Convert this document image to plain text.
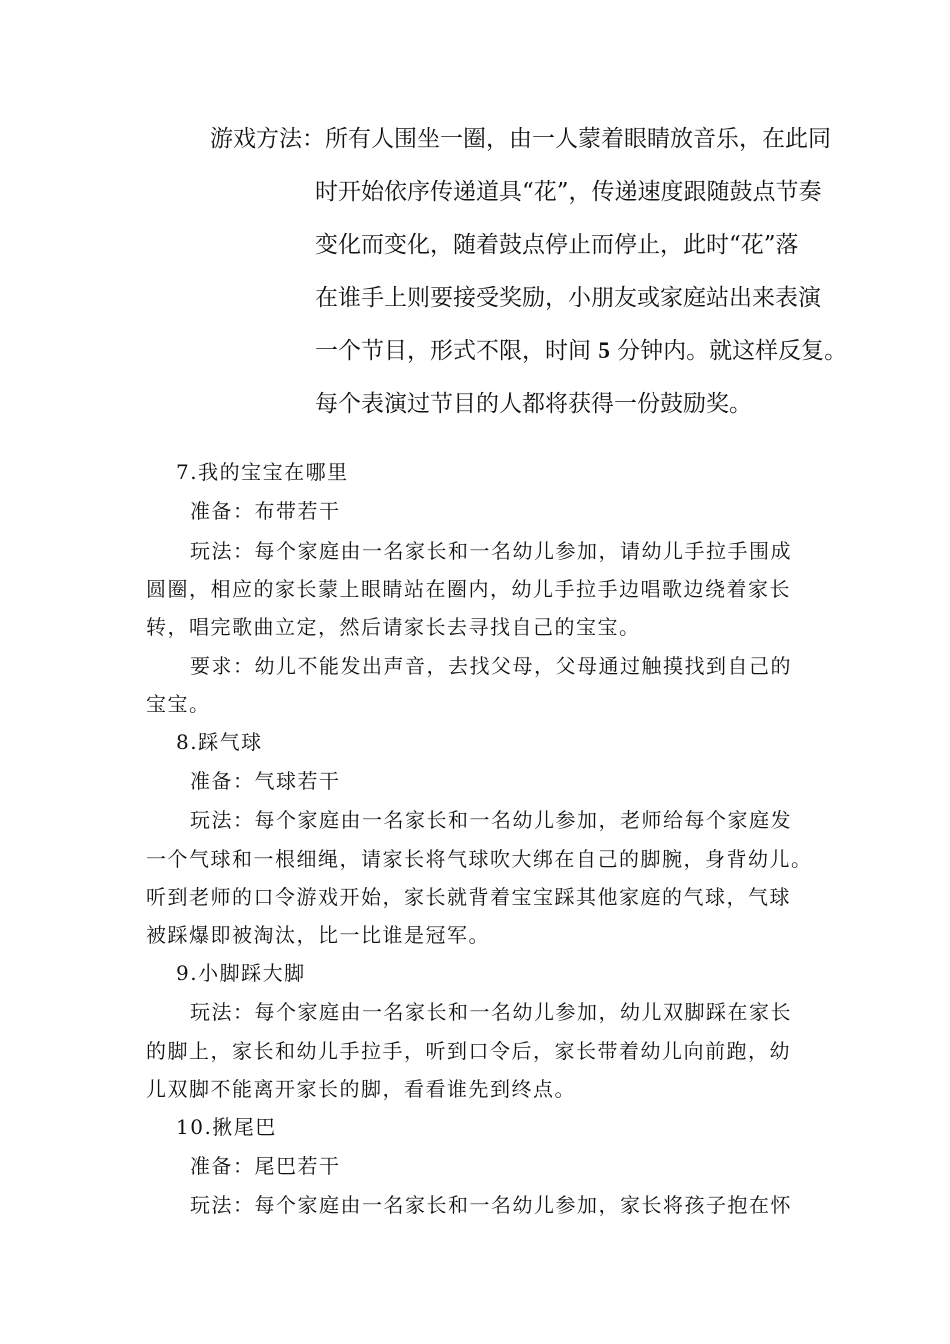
游戏方法：所有人围坐一圈，由一人蒙着眼睛放音乐，在此同
时开始依序传递道具“花”，传递速度跟随鼓点节奏
变化而变化，随着鼓点停止而停止，此时“花”落
在谁手上则要接受奖励，小朋友或家庭站出来表演
一个节目，形式不限，时间 5 分钟内。就这样反复。
每个表演过节目的人都将获得一份鼓励奖。
7.我的宝宝在哪里
准备：布带若干
玩法：每个家庭由一名家长和一名幼儿参加，请幼儿手拉手围成
圆圈，相应的家长蒙上眼睛站在圈内，幼儿手拉手边唱歌边绕着家长
转，唱完歌曲立定，然后请家长去寻找自己的宝宝。
要求：幼儿不能发出声音，去找父母，父母通过触摸找到自己的
宝宝。
8.踩气球
准备：气球若干
玩法：每个家庭由一名家长和一名幼儿参加，老师给每个家庭发
一个气球和一根细绳，请家长将气球吹大绑在自己的脚腕，身背幼儿。
听到老师的口令游戏开始，家长就背着宝宝踩其他家庭的气球，气球
被踩爆即被淘汰，比一比谁是冠军。
9.小脚踩大脚
玩法：每个家庭由一名家长和一名幼儿参加，幼儿双脚踩在家长
的脚上，家长和幼儿手拉手，听到口令后，家长带着幼儿向前跑，幼
儿双脚不能离开家长的脚，看看谁先到终点。
10.揪尾巴
准备：尾巴若干
玩法：每个家庭由一名家长和一名幼儿参加，家长将孩子抱在怀
